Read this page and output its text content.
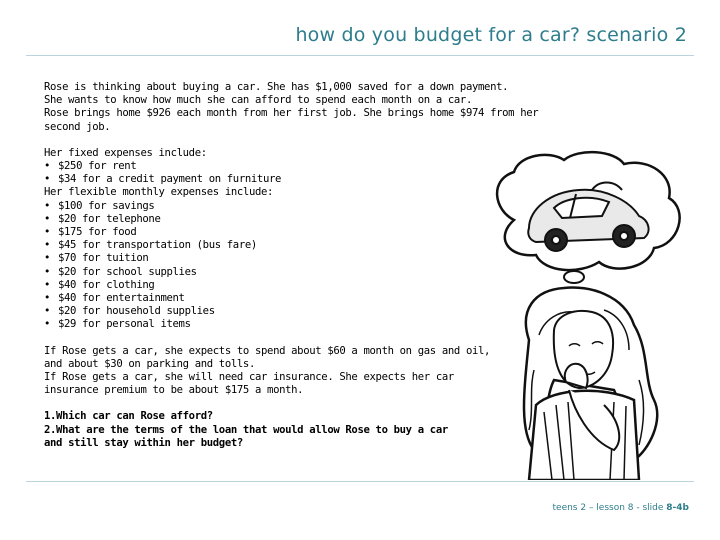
how do you budget for a car? scenario 2

Rose is thinking about buying a car. She has $1,000 saved for a down payment.

She wants to know how much she can afford to spend each month on a car.

Rose brings home $926 each month from her first job. She brings home $974 from her

second job.

Her fixed expenses include:

• $250 for rent

• $34 for a credit payment on furniture

Her flexible monthly expenses include:

• $100 for savings

• $20 for telephone

• $175 for food

• $45 for transportation (bus fare)

• $70 for tuition

• $20 for school supplies

• $40 for clothing

• $40 for entertainment

• $20 for household supplies

• $29 for personal items

If Rose gets a car, she expects to spend about $60 a month on gas and oil,

and about $30 on parking and tolls.

If Rose gets a car, she will need car insurance. She expects her car

insurance premium to be about $175 a month.

1.Which car can Rose afford?

2.What are the terms of the loan that would allow Rose to buy a car

and still stay within her budget?

teens 2 – lesson 8 - slide 8-4b
